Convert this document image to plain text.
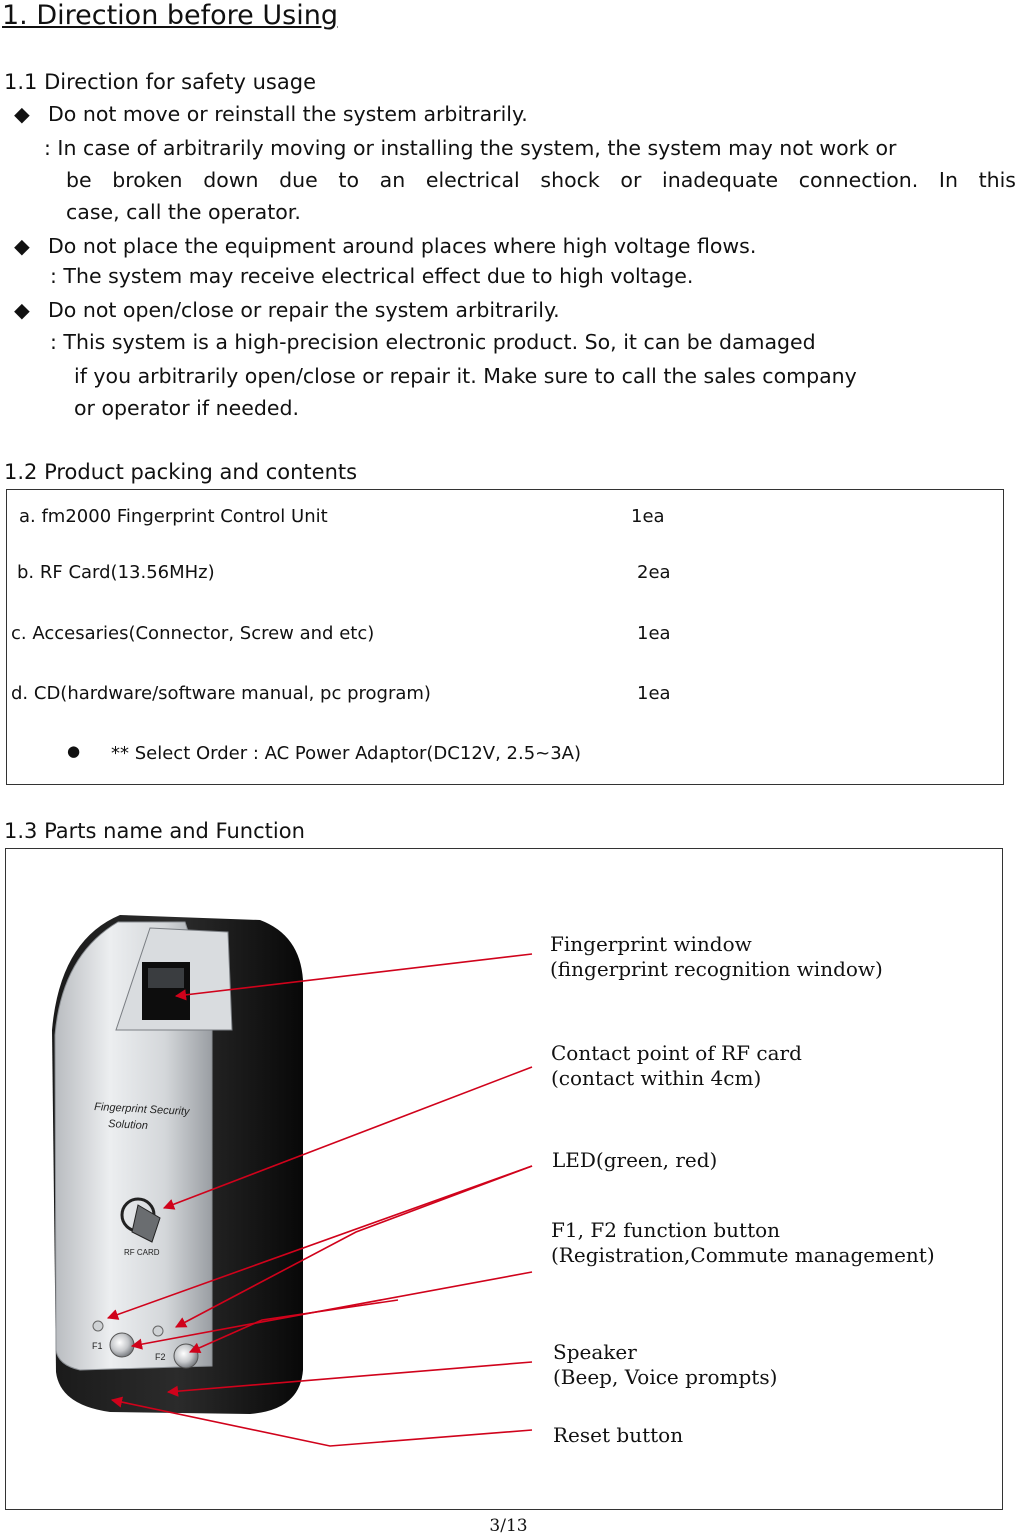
1. Direction before Using
1.1 Direction for safety usage
◆ Do not move or reinstall the system arbitrarily.
: In case of arbitrarily moving or installing the system, the system may not work or
be broken down due to an electrical shock or inadequate connection. In this
case, call the operator.
◆ Do not place the equipment around places where high voltage flows.
: The system may receive electrical effect due to high voltage.
◆ Do not open/close or repair the system arbitrarily.
: This system is a high-precision electronic product. So, it can be damaged
if you arbitrarily open/close or repair it. Make sure to call the sales company
or operator if needed.
1.2 Product packing and contents
a. fm2000 Fingerprint Control Unit	1ea
b. RF Card(13.56MHz)	2ea
c. Accesaries(Connector, Screw and etc)	1ea
d. CD(hardware/software manual, pc program)	1ea
● ** Select Order : AC Power Adaptor(DC12V, 2.5~3A)
1.3 Parts name and Function
Fingerprint Security
Solution
RF CARD
F1
F2
Fingerprint window
(fingerprint recognition window)
Contact point of RF card
(contact within 4cm)
LED(green, red)
F1, F2 function button
(Registration,Commute management)
Speaker
(Beep, Voice prompts)
Reset button
3/13
